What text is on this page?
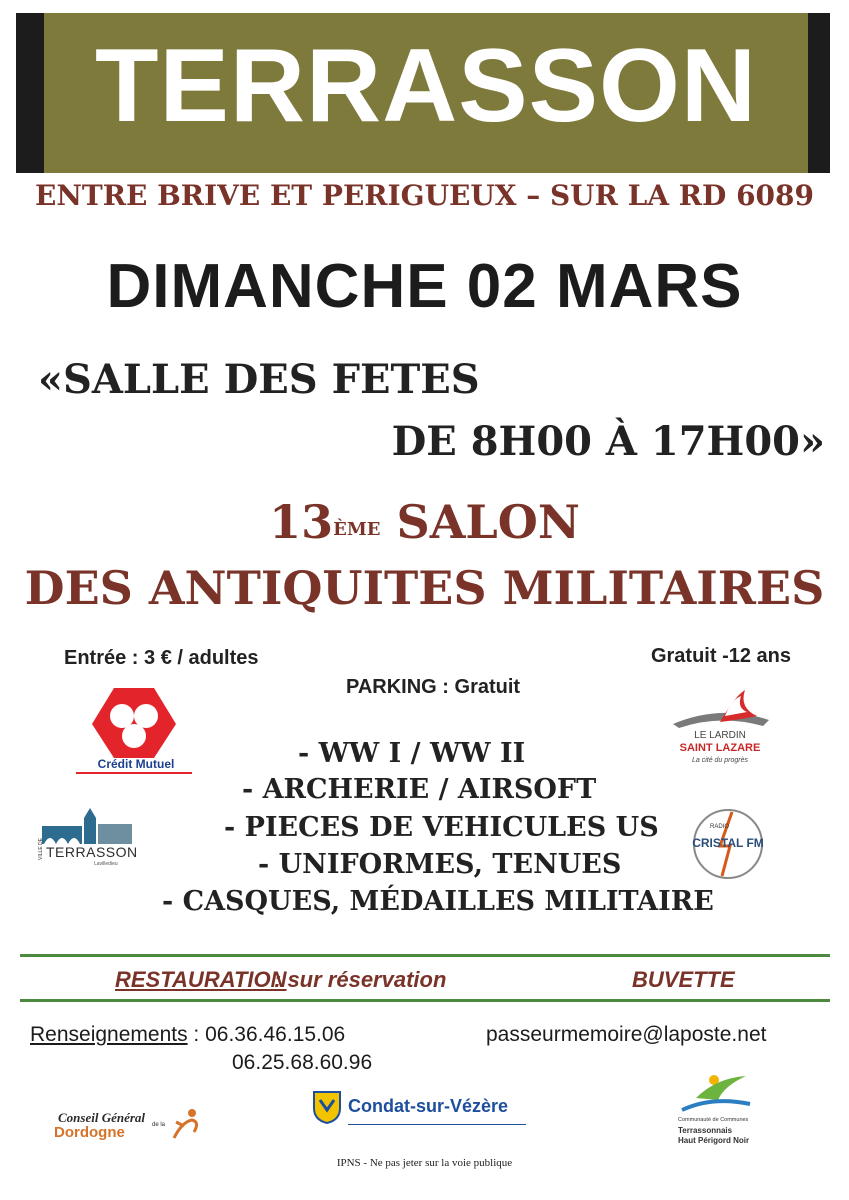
TERRASSON
ENTRE BRIVE ET PERIGUEUX – SUR LA RD 6089
DIMANCHE 02 MARS
«SALLE DES FETES
DE 8H00 À 17H00»
13ÈME SALON
DES ANTIQUITES MILITAIRES
Entrée : 3 € / adultes	Gratuit -12 ans
PARKING : Gratuit
- WW I / WW II
- ARCHERIE / AIRSOFT
- PIECES DE VEHICULES US
- UNIFORMES, TENUES
- CASQUES, MÉDAILLES MILITAIRE
Crédit Mutuel
LE LARDIN
SAINT LAZARE
La cité du progrès
VILLE DE TERRASSON
Lavilledieu
CRISTAL FM
RADIO
RESTAURATION
: sur réservation	BUVETTE
Renseignements : 06.36.46.15.06
06.25.68.60.96
passeurmemoire@laposte.net
Conseil Général de la
Dordogne
Condat-sur-Vézère
Communauté de Communes
Terrassonnais
Haut Périgord Noir
IPNS - Ne pas jeter sur la voie publique
